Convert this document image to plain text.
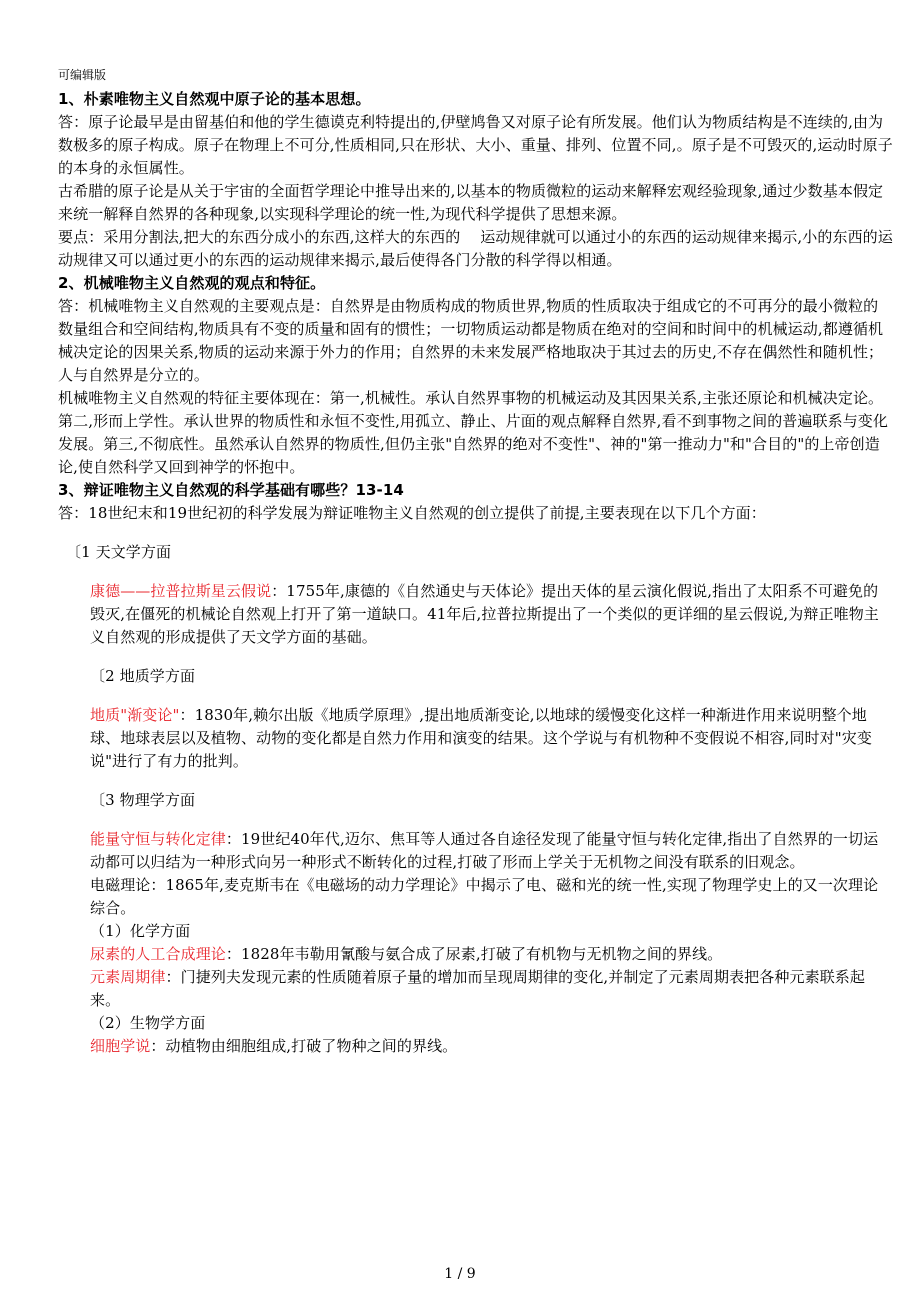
可编辑版

1、朴素唯物主义自然观中原子论的基本思想。

答：原子论最早是由留基伯和他的学生德谟克利特提出的,伊壁鸠鲁又对原子论有所发展。他们认为物质结构是不连续的,由为数极多的原子构成。原子在物理上不可分,性质相同,只在形状、大小、重量、排列、位置不同,。原子是不可毁灭的,运动时原子的本身的永恒属性。

古希腊的原子论是从关于宇宙的全面哲学理论中推导出来的,以基本的物质微粒的运动来解释宏观经验现象,通过少数基本假定来统一解释自然界的各种现象,以实现科学理论的统一性,为现代科学提供了思想来源。

要点：采用分割法,把大的东西分成小的东西,这样大的东西的　 运动规律就可以通过小的东西的运动规律来揭示,小的东西的运动规律又可以通过更小的东西的运动规律来揭示,最后使得各门分散的科学得以相通。

2、机械唯物主义自然观的观点和特征。

答：机械唯物主义自然观的主要观点是：自然界是由物质构成的物质世界,物质的性质取决于组成它的不可再分的最小微粒的数量组合和空间结构,物质具有不变的质量和固有的惯性；一切物质运动都是物质在绝对的空间和时间中的机械运动,都遵循机械决定论的因果关系,物质的运动来源于外力的作用；自然界的未来发展严格地取决于其过去的历史,不存在偶然性和随机性；人与自然界是分立的。

机械唯物主义自然观的特征主要体现在：第一,机械性。承认自然界事物的机械运动及其因果关系,主张还原论和机械决定论。第二,形而上学性。承认世界的物质性和永恒不变性,用孤立、静止、片面的观点解释自然界,看不到事物之间的普遍联系与变化发展。第三,不彻底性。虽然承认自然界的物质性,但仍主张"自然界的绝对不变性"、神的"第一推动力"和"合目的"的上帝创造论,使自然科学又回到神学的怀抱中。

3、辩证唯物主义自然观的科学基础有哪些？13-14

答：18世纪末和19世纪初的科学发展为辩证唯物主义自然观的创立提供了前提,主要表现在以下几个方面：

〔1 天文学方面

康德——拉普拉斯星云假说：1755年,康德的《自然通史与天体论》提出天体的星云演化假说,指出了太阳系不可避免的毁灭,在僵死的机械论自然观上打开了第一道缺口。41年后,拉普拉斯提出了一个类似的更详细的星云假说,为辩正唯物主义自然观的形成提供了天文学方面的基础。

〔2 地质学方面

地质"渐变论"：1830年,赖尔出版《地质学原理》,提出地质渐变论,以地球的缓慢变化这样一种渐进作用来说明整个地球、地球表层以及植物、动物的变化都是自然力作用和演变的结果。这个学说与有机物种不变假说不相容,同时对"灾变说"进行了有力的批判。

〔3 物理学方面

能量守恒与转化定律：19世纪40年代,迈尔、焦耳等人通过各自途径发现了能量守恒与转化定律,指出了自然界的一切运动都可以归结为一种形式向另一种形式不断转化的过程,打破了形而上学关于无机物之间没有联系的旧观念。

电磁理论：1865年,麦克斯韦在《电磁场的动力学理论》中揭示了电、磁和光的统一性,实现了物理学史上的又一次理论综合。

（1）化学方面

尿素的人工合成理论：1828年韦勒用氰酸与氨合成了尿素,打破了有机物与无机物之间的界线。

元素周期律：门捷列夫发现元素的性质随着原子量的增加而呈现周期律的变化,并制定了元素周期表把各种元素联系起来。

（2）生物学方面

细胞学说：动植物由细胞组成,打破了物种之间的界线。

1 / 9
